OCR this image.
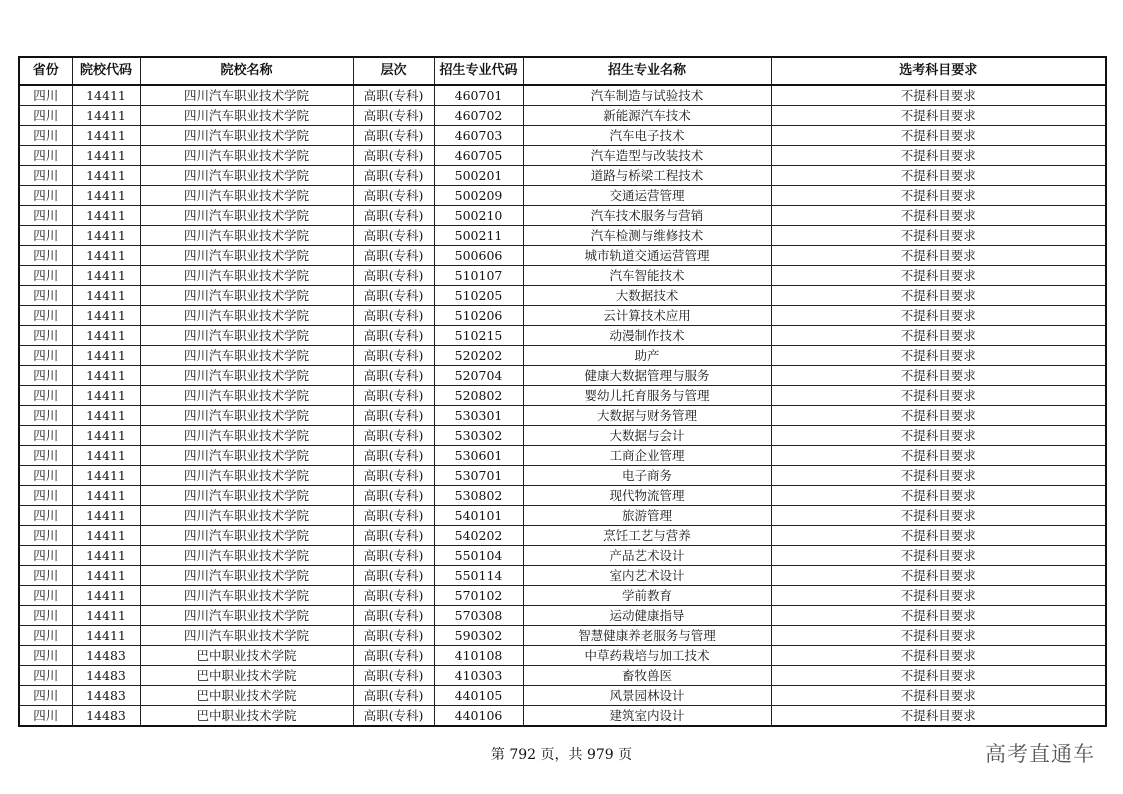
省份	院校代码	院校名称	层次	招生专业代码	招生专业名称	选考科目要求
四川	14411	四川汽车职业技术学院	高职(专科)	460701	汽车制造与试验技术	不提科目要求
四川	14411	四川汽车职业技术学院	高职(专科)	460702	新能源汽车技术	不提科目要求
四川	14411	四川汽车职业技术学院	高职(专科)	460703	汽车电子技术	不提科目要求
四川	14411	四川汽车职业技术学院	高职(专科)	460705	汽车造型与改装技术	不提科目要求
四川	14411	四川汽车职业技术学院	高职(专科)	500201	道路与桥梁工程技术	不提科目要求
四川	14411	四川汽车职业技术学院	高职(专科)	500209	交通运营管理	不提科目要求
四川	14411	四川汽车职业技术学院	高职(专科)	500210	汽车技术服务与营销	不提科目要求
四川	14411	四川汽车职业技术学院	高职(专科)	500211	汽车检测与维修技术	不提科目要求
四川	14411	四川汽车职业技术学院	高职(专科)	500606	城市轨道交通运营管理	不提科目要求
四川	14411	四川汽车职业技术学院	高职(专科)	510107	汽车智能技术	不提科目要求
四川	14411	四川汽车职业技术学院	高职(专科)	510205	大数据技术	不提科目要求
四川	14411	四川汽车职业技术学院	高职(专科)	510206	云计算技术应用	不提科目要求
四川	14411	四川汽车职业技术学院	高职(专科)	510215	动漫制作技术	不提科目要求
四川	14411	四川汽车职业技术学院	高职(专科)	520202	助产	不提科目要求
四川	14411	四川汽车职业技术学院	高职(专科)	520704	健康大数据管理与服务	不提科目要求
四川	14411	四川汽车职业技术学院	高职(专科)	520802	婴幼儿托育服务与管理	不提科目要求
四川	14411	四川汽车职业技术学院	高职(专科)	530301	大数据与财务管理	不提科目要求
四川	14411	四川汽车职业技术学院	高职(专科)	530302	大数据与会计	不提科目要求
四川	14411	四川汽车职业技术学院	高职(专科)	530601	工商企业管理	不提科目要求
四川	14411	四川汽车职业技术学院	高职(专科)	530701	电子商务	不提科目要求
四川	14411	四川汽车职业技术学院	高职(专科)	530802	现代物流管理	不提科目要求
四川	14411	四川汽车职业技术学院	高职(专科)	540101	旅游管理	不提科目要求
四川	14411	四川汽车职业技术学院	高职(专科)	540202	烹饪工艺与营养	不提科目要求
四川	14411	四川汽车职业技术学院	高职(专科)	550104	产品艺术设计	不提科目要求
四川	14411	四川汽车职业技术学院	高职(专科)	550114	室内艺术设计	不提科目要求
四川	14411	四川汽车职业技术学院	高职(专科)	570102	学前教育	不提科目要求
四川	14411	四川汽车职业技术学院	高职(专科)	570308	运动健康指导	不提科目要求
四川	14411	四川汽车职业技术学院	高职(专科)	590302	智慧健康养老服务与管理	不提科目要求
四川	14483	巴中职业技术学院	高职(专科)	410108	中草药栽培与加工技术	不提科目要求
四川	14483	巴中职业技术学院	高职(专科)	410303	畜牧兽医	不提科目要求
四川	14483	巴中职业技术学院	高职(专科)	440105	风景园林设计	不提科目要求
四川	14483	巴中职业技术学院	高职(专科)	440106	建筑室内设计	不提科目要求
第 792 页，共 979 页	高考直通车
